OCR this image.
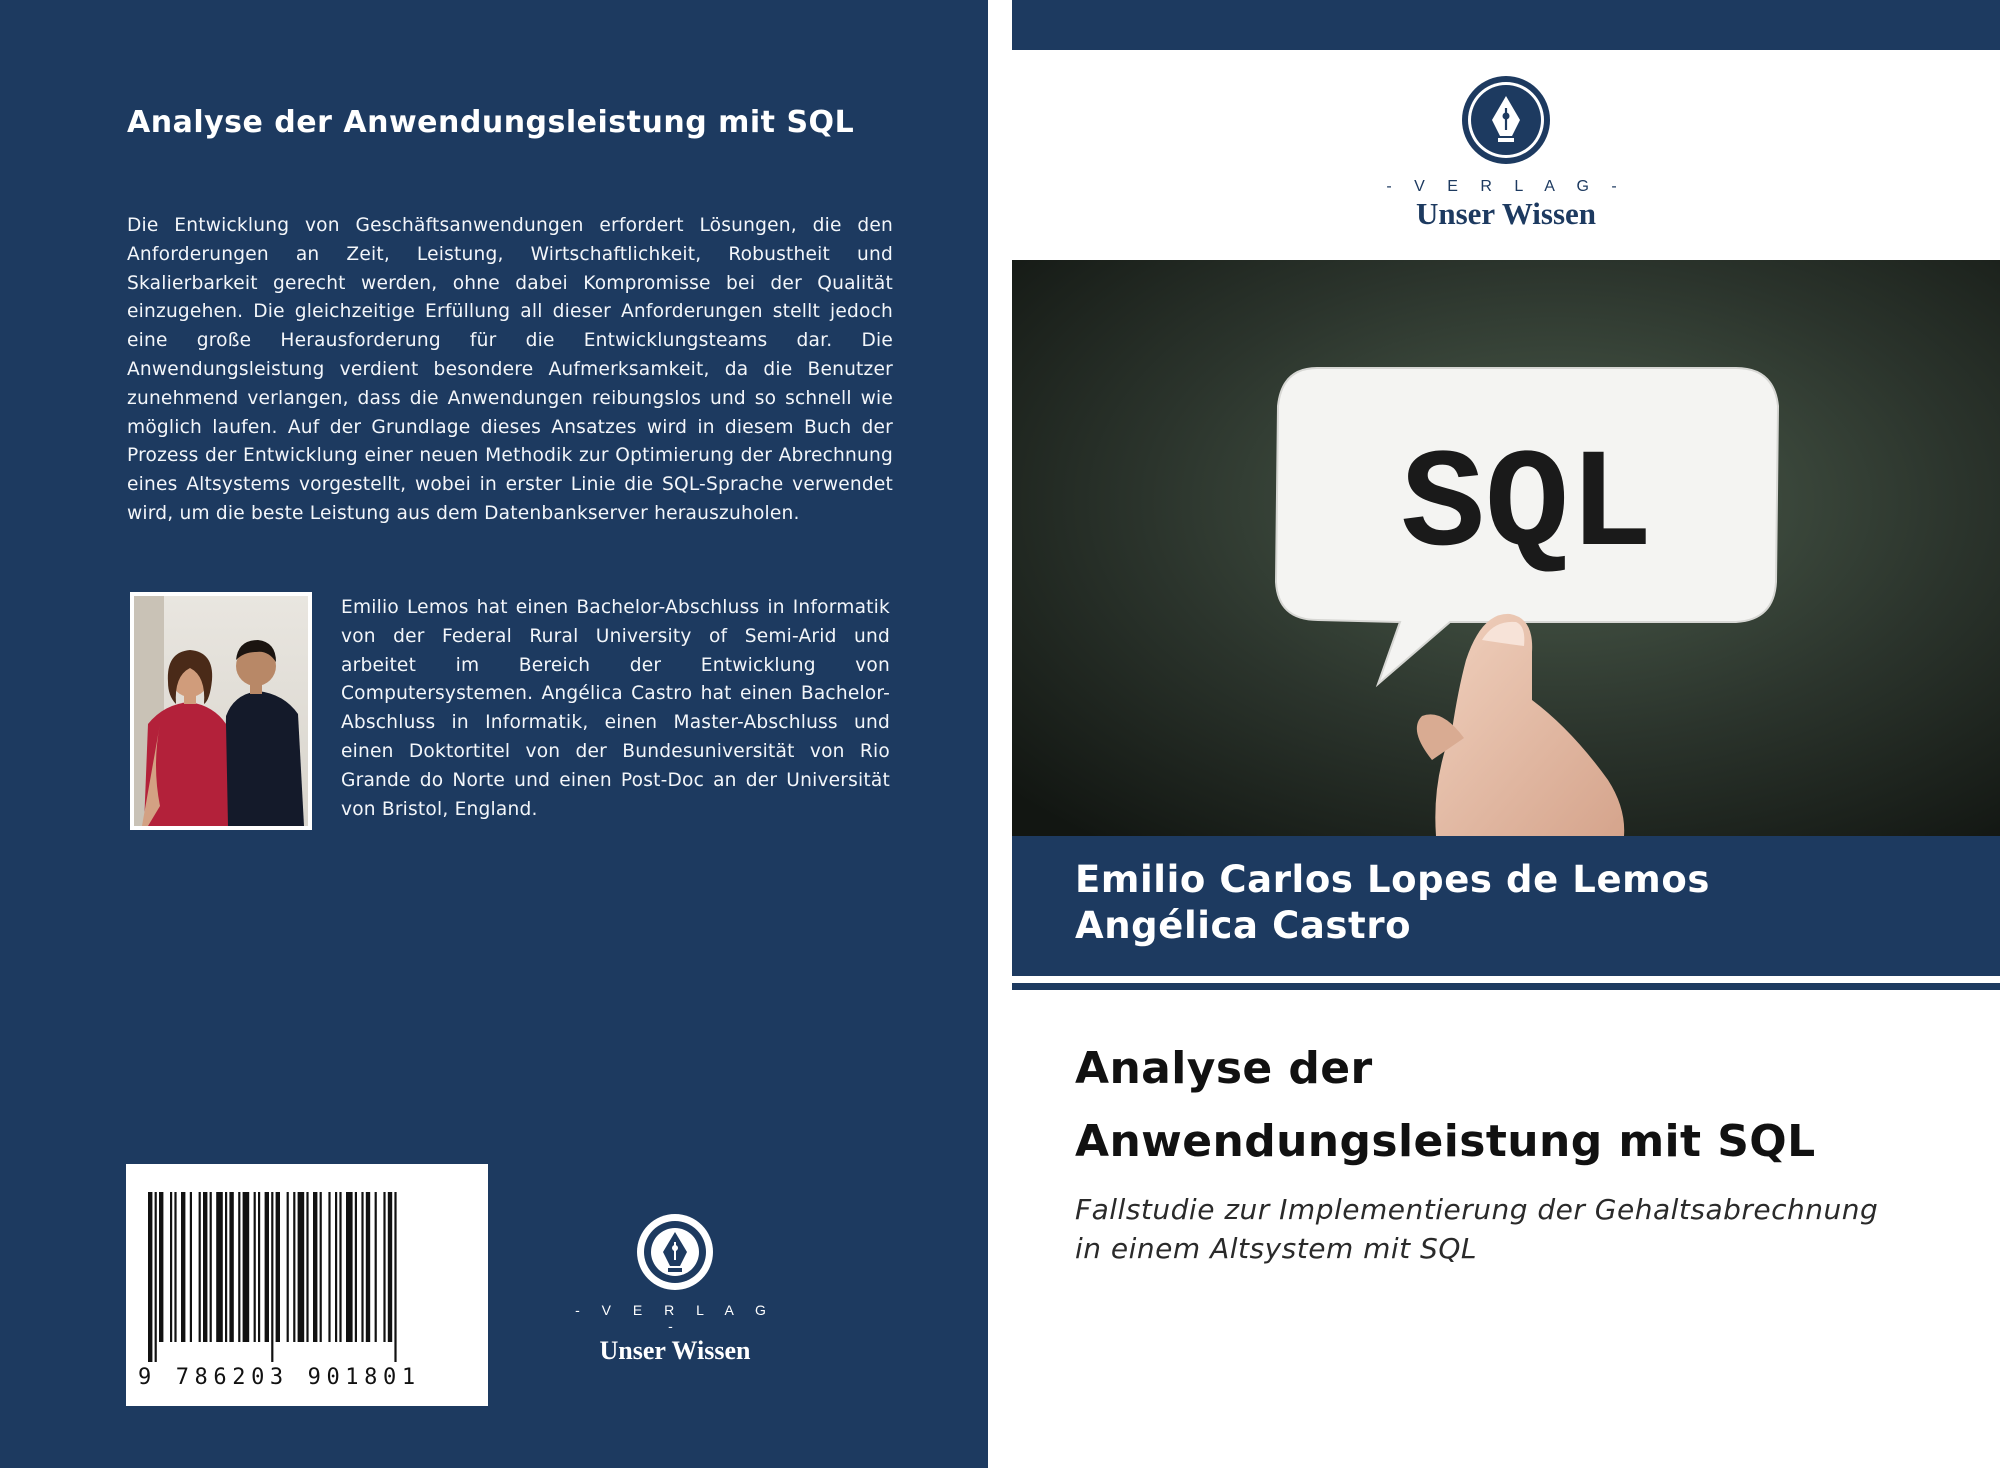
Analyse der Anwendungsleistung mit SQL
Die Entwicklung von Geschäftsanwendungen erfordert Lösungen, die den Anforderungen an Zeit, Leistung, Wirtschaftlichkeit, Robustheit und Skalierbarkeit gerecht werden, ohne dabei Kompromisse bei der Qualität einzugehen. Die gleichzeitige Erfüllung all dieser Anforderungen stellt jedoch eine große Herausforderung für die Entwicklungsteams dar. Die Anwendungsleistung verdient besondere Aufmerksamkeit, da die Benutzer zunehmend verlangen, dass die Anwendungen reibungslos und so schnell wie möglich laufen. Auf der Grundlage dieses Ansatzes wird in diesem Buch der Prozess der Entwicklung einer neuen Methodik zur Optimierung der Abrechnung eines Altsystems vorgestellt, wobei in erster Linie die SQL-Sprache verwendet wird, um die beste Leistung aus dem Datenbankserver herauszuholen.
Emilio Lemos hat einen Bachelor-Abschluss in Informatik von der Federal Rural University of Semi-Arid und arbeitet im Bereich der Entwicklung von Computersystemen. Angélica Castro hat einen Bachelor-Abschluss in Informatik, einen Master-Abschluss und einen Doktortitel von der Bundesuniversität von Rio Grande do Norte und einen Post-Doc an der Universität von Bristol, England.
9 786203 901801
- V E R L A G -
Unser Wissen
- V E R L A G -
Unser Wissen
SQL
Emilio Carlos Lopes de Lemos
Angélica Castro
Analyse der
Anwendungsleistung mit SQL
Fallstudie zur Implementierung der Gehaltsabrechnung
in einem Altsystem mit SQL
